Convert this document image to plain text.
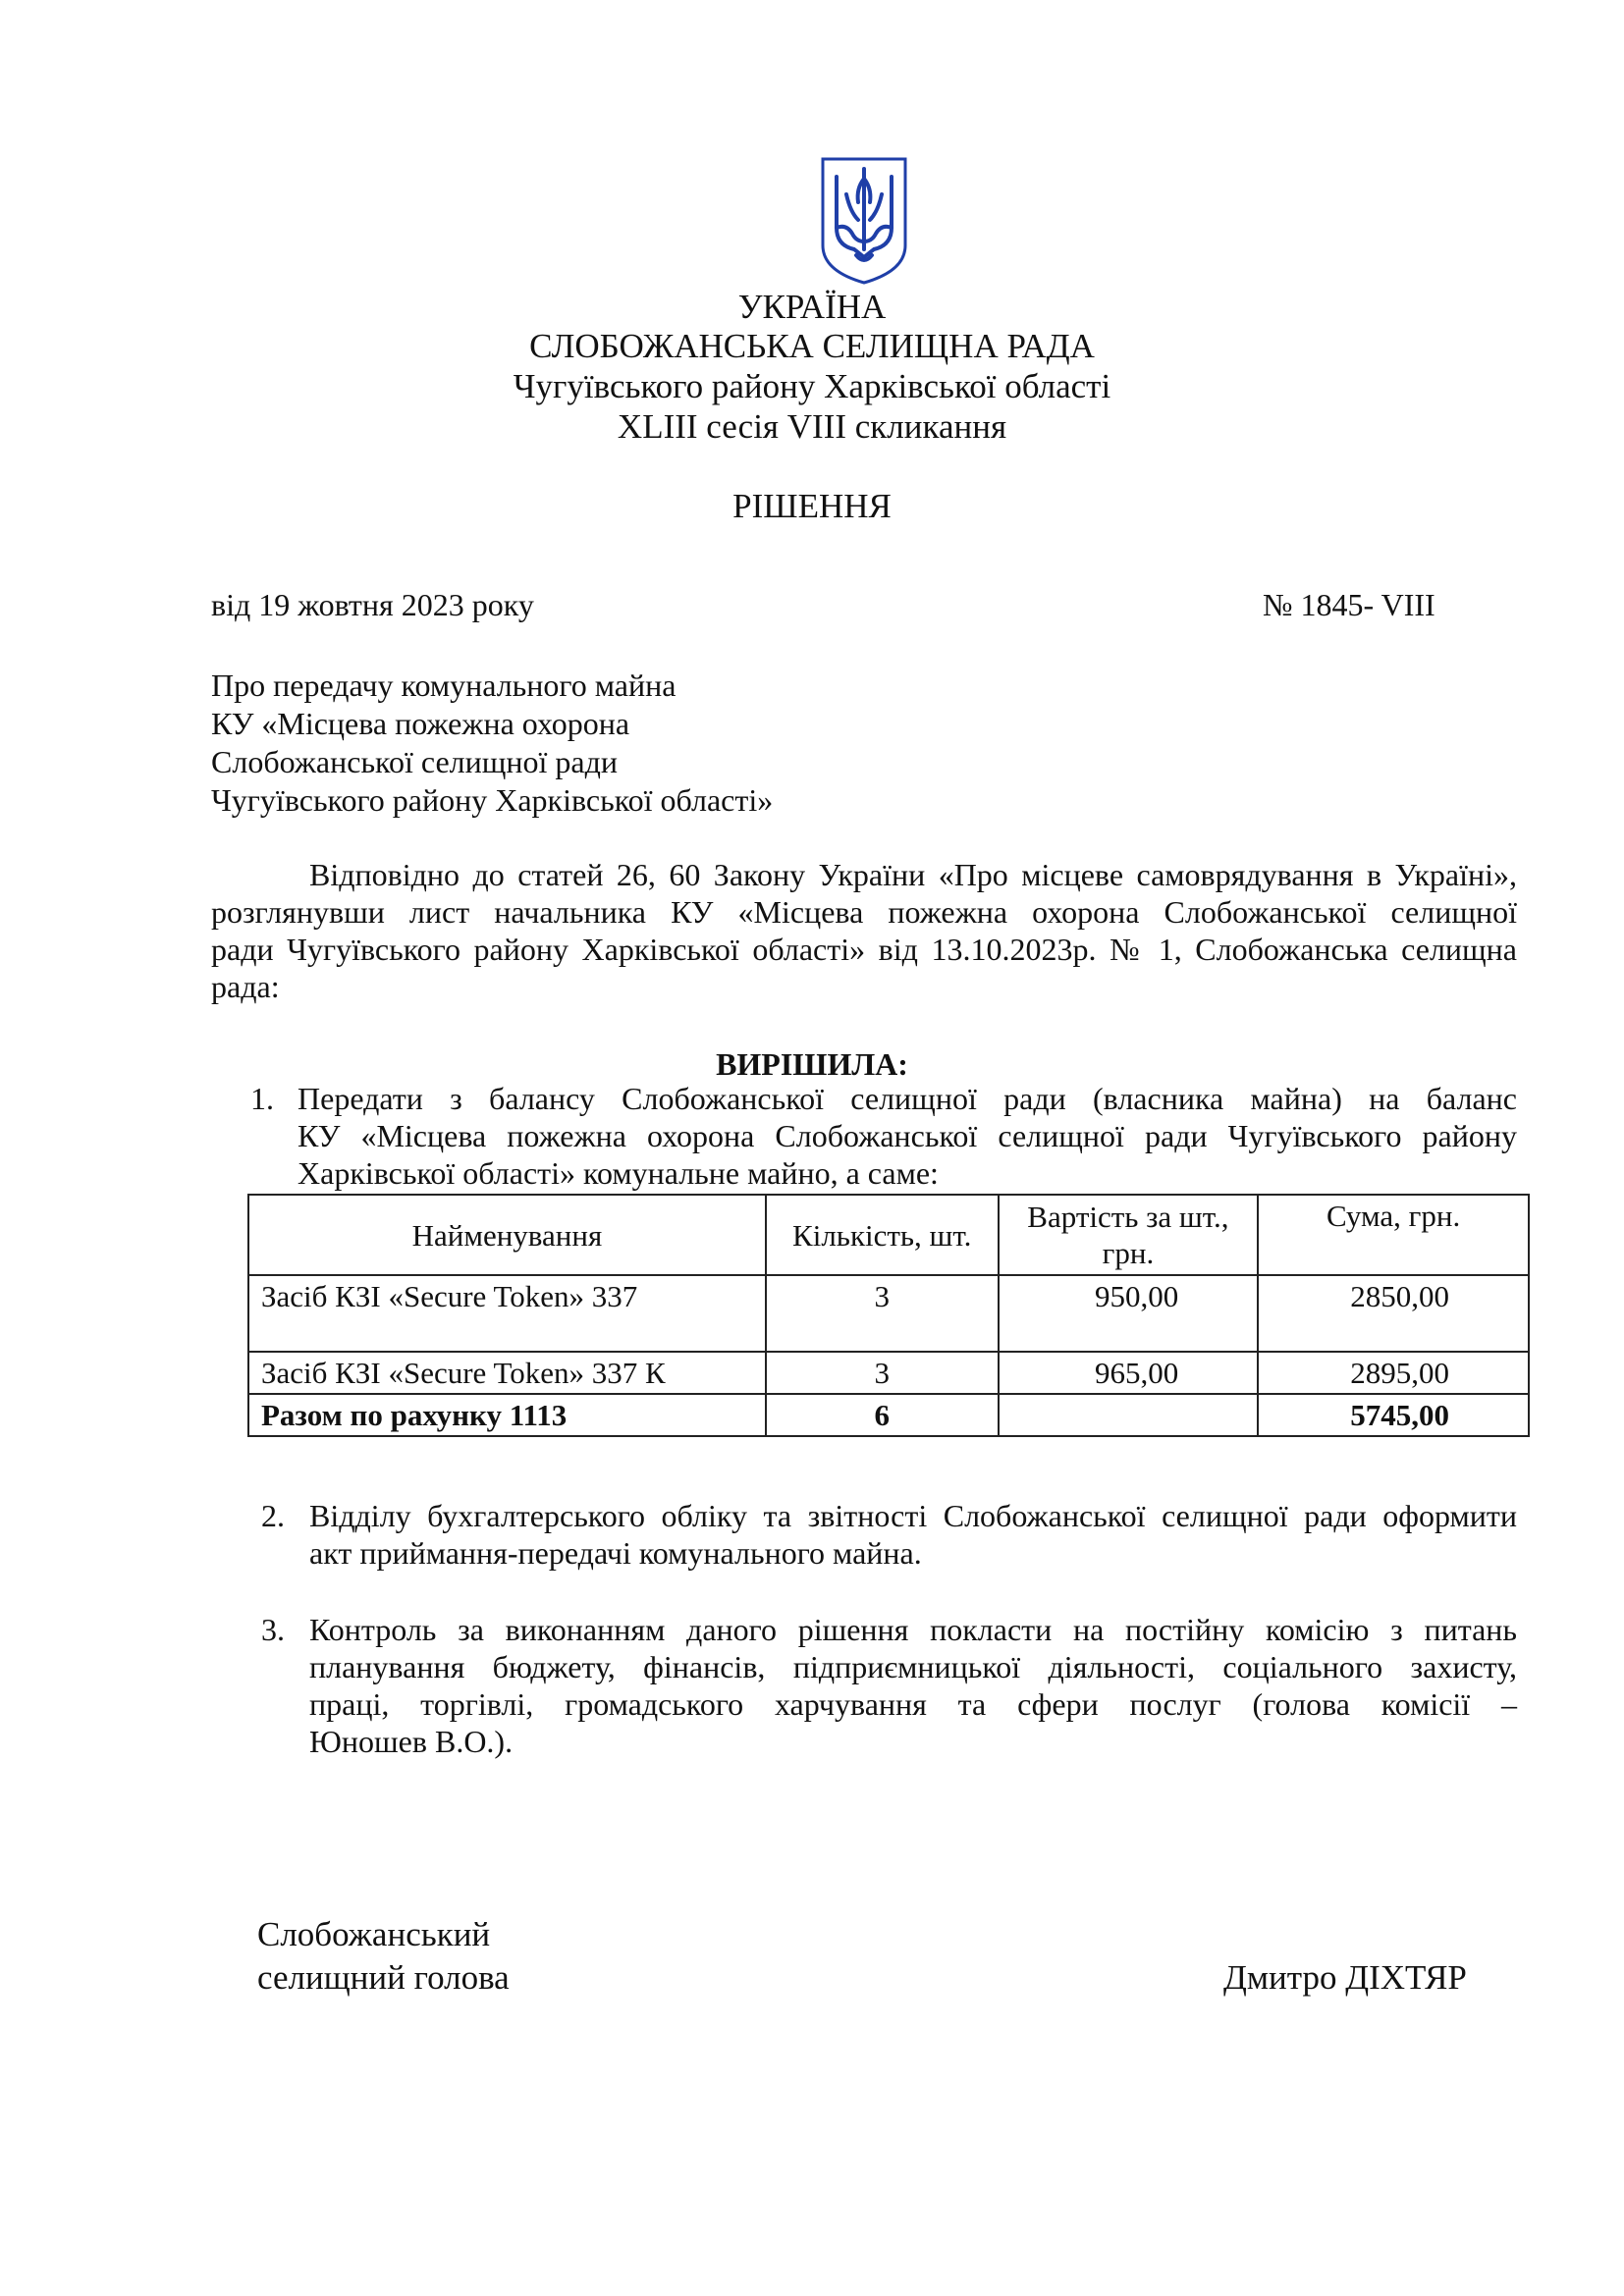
УКРАЇНА
СЛОБОЖАНСЬКА СЕЛИЩНА РАДА
Чугуївського району Харківської області
XLIII сесія VIII скликання
РІШЕННЯ
від 19 жовтня 2023 року	№ 1845- VIII
Про передачу комунального майна
КУ «Місцева пожежна охорона
Слобожанської селищної ради
Чугуївського району Харківської області»
Відповідно до статей 26, 60 Закону України «Про місцеве самоврядування в Україні»,
розглянувши лист начальника КУ «Місцева пожежна охорона Слобожанської селищної
ради Чугуївського району Харківської області» від 13.10.2023р. № 1, Слобожанська селищна
рада:
ВИРІШИЛА:
1. Передати з балансу Слобожанської селищної ради (власника майна) на баланс
КУ «Місцева пожежна охорона Слобожанської селищної ради Чугуївського району
Харківської області» комунальне майно, а саме:
Найменування	Кількість, шт.	Вартість за шт., грн.	Сума, грн.
Засіб КЗІ «Secure Token» 337	3	950,00	2850,00
Засіб КЗІ «Secure Token» 337 К	3	965,00	2895,00
Разом по рахунку 1113	6		5745,00
2. Відділу бухгалтерського обліку та звітності Слобожанської селищної ради оформити
акт приймання-передачі комунального майна.
3. Контроль за виконанням даного рішення покласти на постійну комісію з питань
планування бюджету, фінансів, підприємницької діяльності, соціального захисту,
праці, торгівлі, громадського харчування та сфери послуг (голова комісії –
Юношев В.О.).
Слобожанський
селищний голова	Дмитро ДІХТЯР
